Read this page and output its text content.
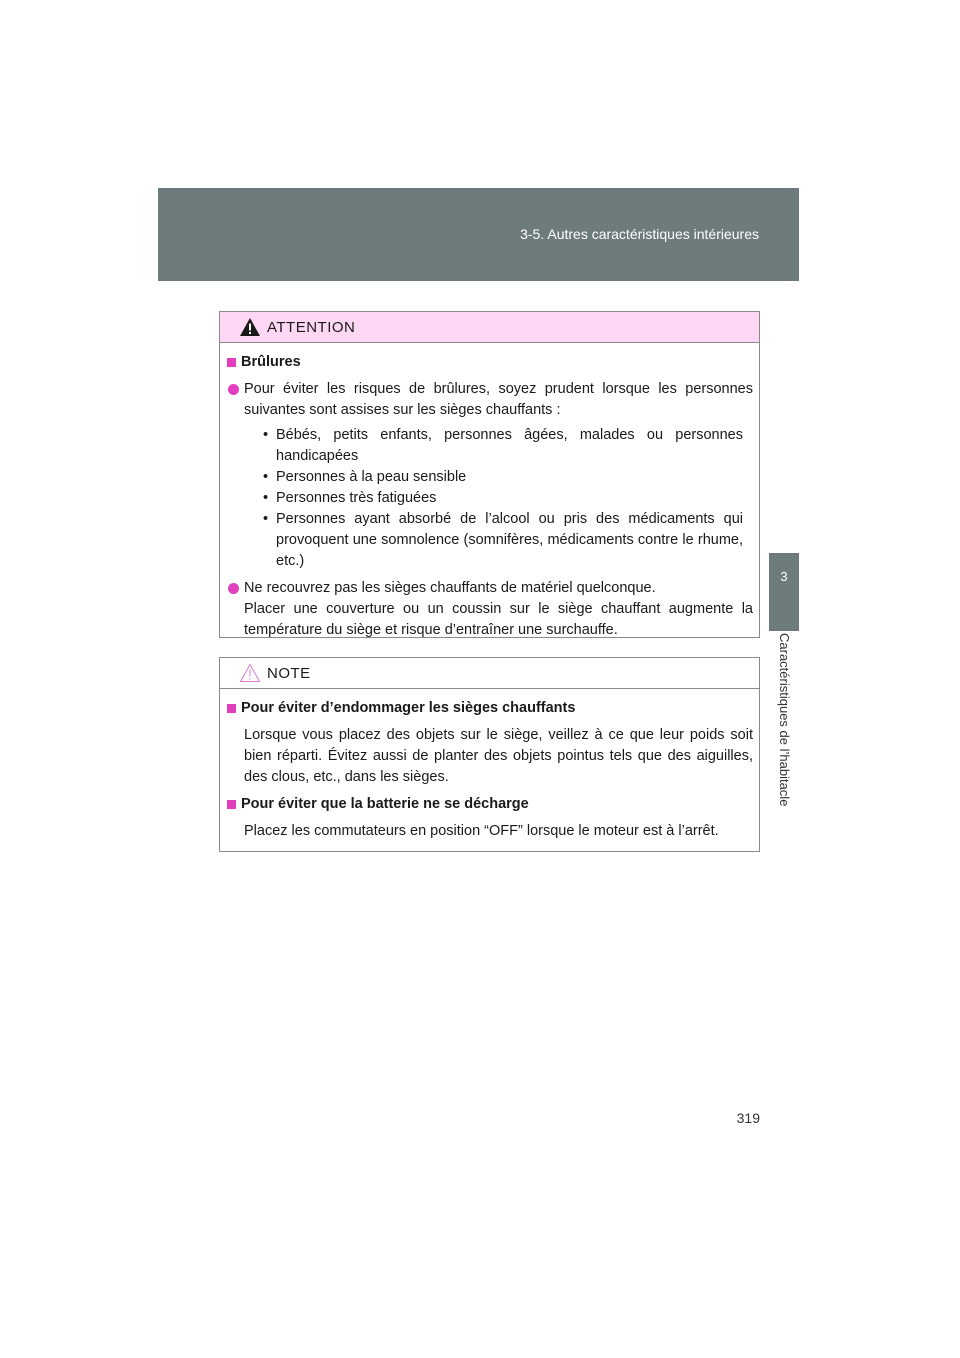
3-5. Autres caractéristiques intérieures
3
Caractéristiques de l’habitacle
ATTENTION
Brûlures
Pour éviter les risques de brûlures, soyez prudent lorsque les personnes suivantes sont assises sur les sièges chauffants :
• Bébés, petits enfants, personnes âgées, malades ou personnes handicapées
• Personnes à la peau sensible
• Personnes très fatiguées
• Personnes ayant absorbé de l’alcool ou pris des médicaments qui provoquent une somnolence (somnifères, médicaments contre le rhume, etc.)
Ne recouvrez pas les sièges chauffants de matériel quelconque.
Placer une couverture ou un coussin sur le siège chauffant augmente la température du siège et risque d’entraîner une surchauffe.
NOTE
Pour éviter d’endommager les sièges chauffants
Lorsque vous placez des objets sur le siège, veillez à ce que leur poids soit bien réparti. Évitez aussi de planter des objets pointus tels que des aiguilles, des clous, etc., dans les sièges.
Pour éviter que la batterie ne se décharge
Placez les commutateurs en position “OFF” lorsque le moteur est à l’arrêt.
319
